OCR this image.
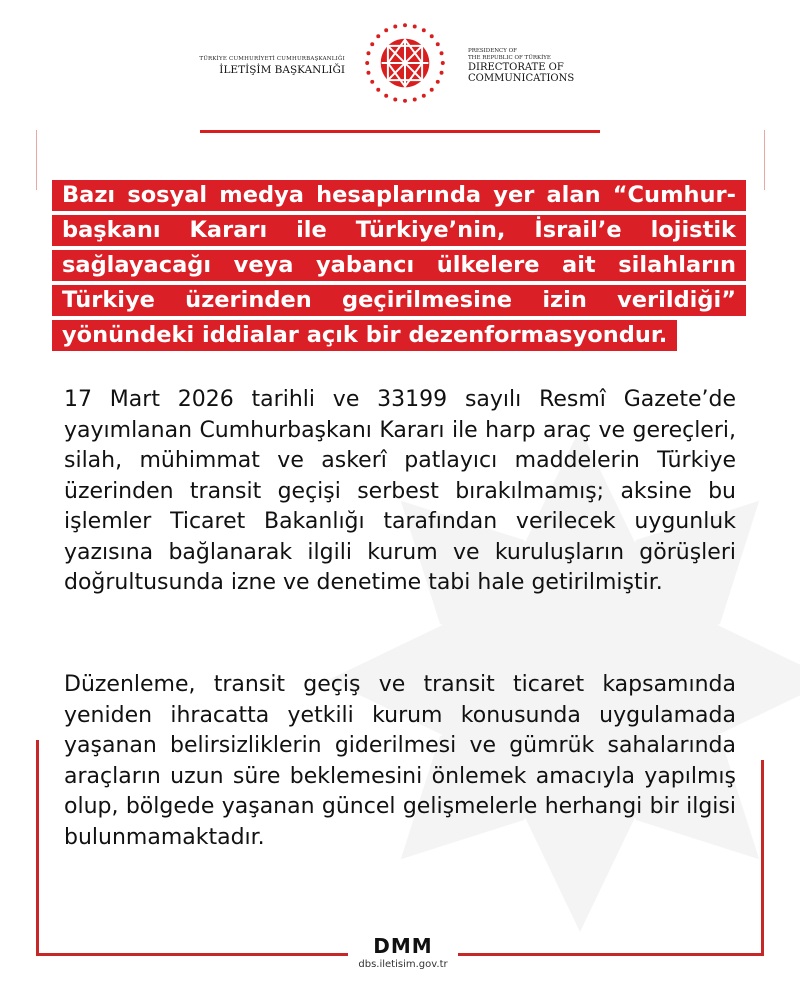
TÜRKİYE CUMHURİYETİ CUMHURBAŞKANLIĞI
İLETİŞİM BAŞKANLIĞI
PRESIDENCY OF
THE REPUBLIC OF TÜRKİYE
DIRECTORATE OF
COMMUNICATIONS
Bazı sosyal medya hesaplarında yer alan “Cumhur-
başkanı Kararı ile Türkiye’nin, İsrail’e lojistik
sağlayacağı veya yabancı ülkelere ait silahların
Türkiye üzerinden geçirilmesine izin verildiği”
yönündeki iddialar açık bir dezenformasyondur.
17 Mart 2026 tarihli ve 33199 sayılı Resmî Gazete’de yayımlanan Cumhurbaşkanı Kararı ile harp araç ve gereçleri, silah, mühimmat ve askerî patlayıcı maddelerin Türkiye üzerinden transit geçişi serbest bırakılmamış; aksine bu işlemler Ticaret Bakanlığı tarafından verilecek uygunluk yazısına bağlanarak ilgili kurum ve kuruluşların görüşleri doğrultusunda izne ve denetime tabi hale getirilmiştir.
Düzenleme, transit geçiş ve transit ticaret kapsamında yeniden ihracatta yetkili kurum konusunda uygulamada yaşanan belirsizliklerin giderilmesi ve gümrük sahalarında araçların uzun süre beklemesini önlemek amacıyla yapılmış olup, bölgede yaşanan güncel gelişmelerle herhangi bir ilgisi bulunmamaktadır.
DMM
dbs.iletisim.gov.tr
